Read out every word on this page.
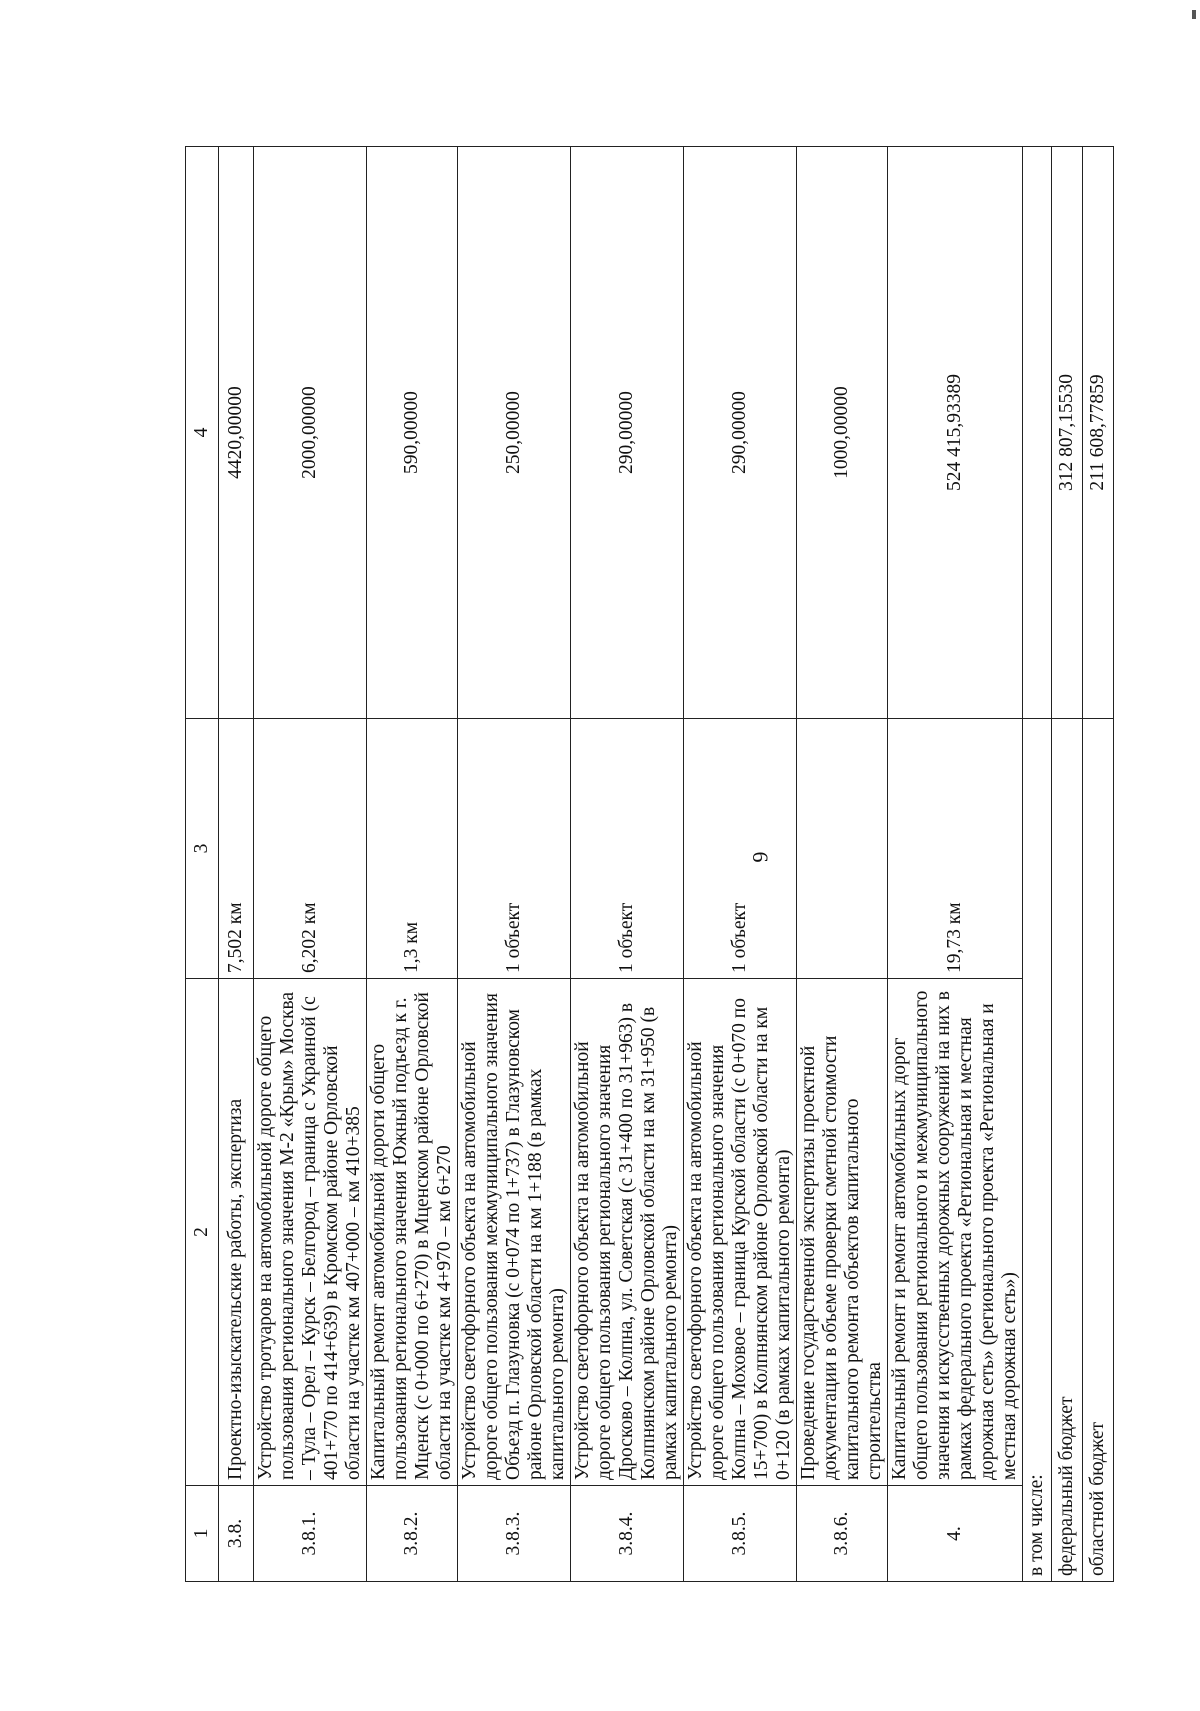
6
1	2	3	4
3.8.	Проектно-изыскательские работы, экспертиза	7,502 км	4420,00000
3.8.1.	Устройство тротуаров на автомобильной дороге общего пользования регионального значения М-2 «Крым» Москва – Тула – Орел – Курск – Белгород – граница с Украиной (с 401+770 по 414+639) в Кромском районе Орловской области на участке км 407+000 – км 410+385	6,202 км	2000,00000
3.8.2.	Капитальный ремонт автомобильной дороги общего пользования регионального значения Южный подъезд к г. Мценск (с 0+000 по 6+270) в Мценском районе Орловской области на участке км 4+970 – км 6+270	1,3 км	590,00000
3.8.3.	Устройство светофорного объекта на автомобильной дороге общего пользования межмуниципального значения Объезд п. Глазуновка (с 0+074 по 1+737) в Глазуновском районе Орловской области на км 1+188 (в рамках капитального ремонта)	1 объект	250,00000
3.8.4.	Устройство светофорного объекта на автомобильной дороге общего пользования регионального значения Дросково – Колпна, ул. Советская (с 31+400 по 31+963) в Колпнянском районе Орловской области на км 31+950 (в рамках капитального ремонта)	1 объект	290,00000
3.8.5.	Устройство светофорного объекта на автомобильной дороге общего пользования регионального значения Колпна – Моховое – граница Курской области (с 0+070 по 15+700) в Колпнянском районе Орловской области на км 0+120 (в рамках капитального ремонта)	1 объект	290,00000
3.8.6.	Проведение государственной экспертизы проектной документации в объеме проверки сметной стоимости капитального ремонта объектов капитального строительства		1000,00000
4.	Капитальный ремонт и ремонт автомобильных дорог общего пользования регионального и межмуниципального значения и искусственных дорожных сооружений на них в рамках федерального проекта «Региональная и местная дорожная сеть» (регионального проекта «Региональная и местная дорожная сеть»)	19,73 км	524 415,93389
в том числе:			
федеральный бюджет			312 807,15530
областной бюджет			211 608,77859
